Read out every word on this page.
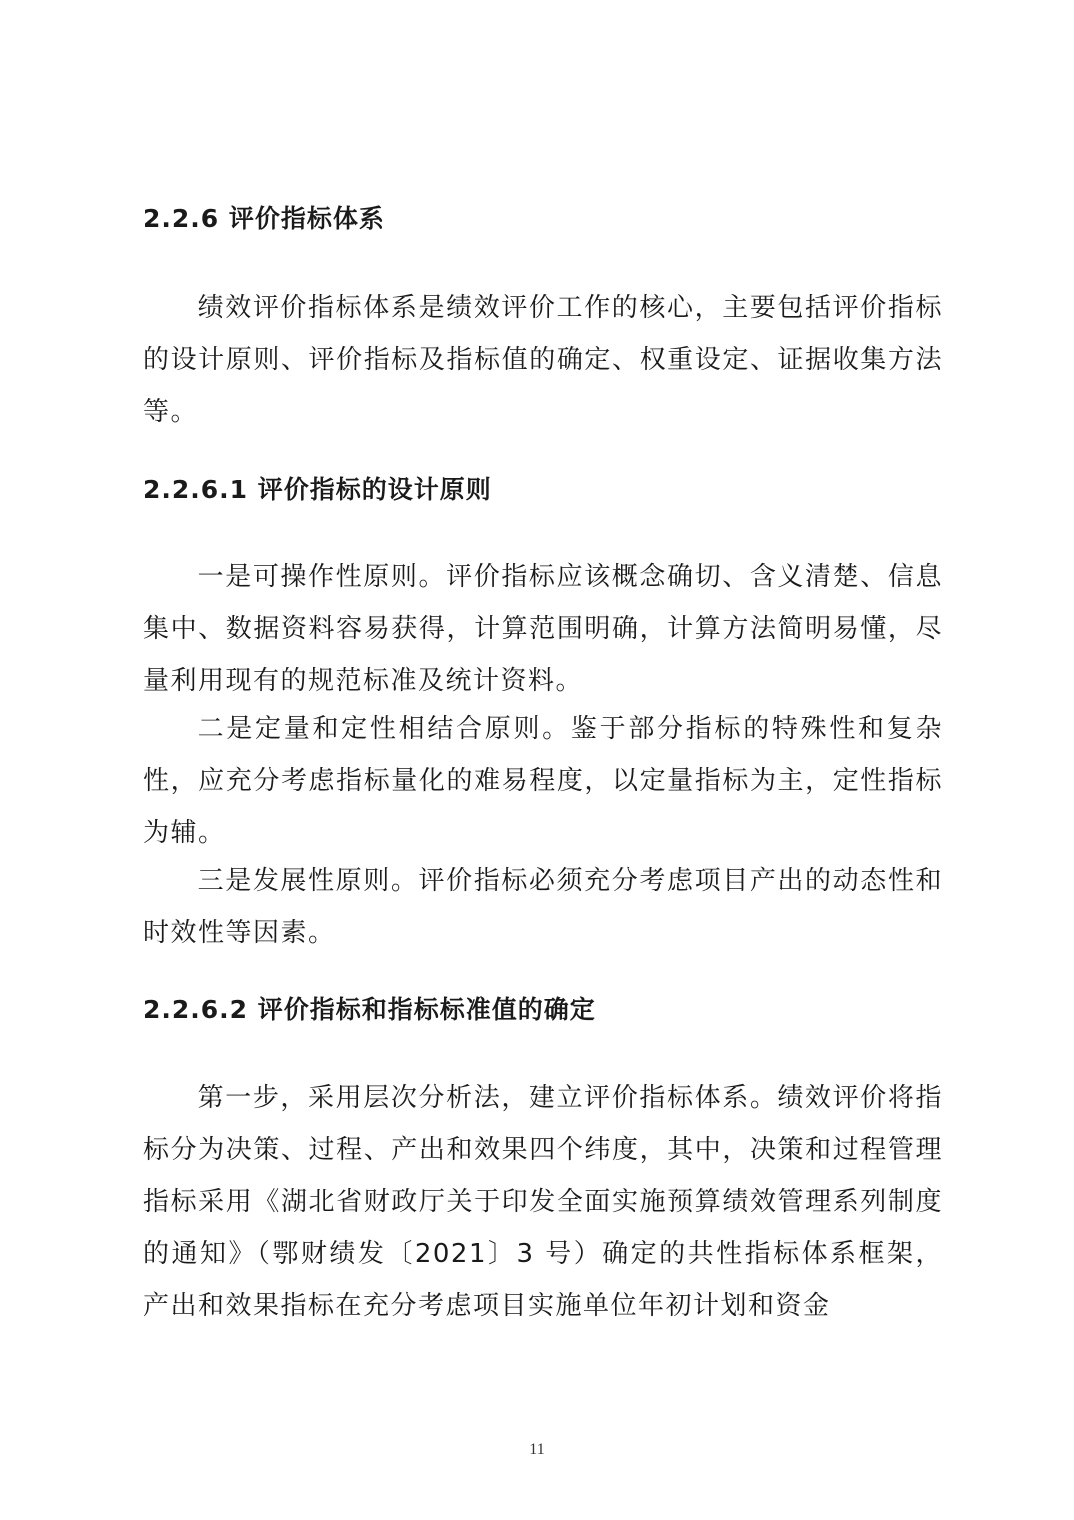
2.2.6 评价指标体系
绩效评价指标体系是绩效评价工作的核心，主要包括评价指标的设计原则、评价指标及指标值的确定、权重设定、证据收集方法等。
2.2.6.1 评价指标的设计原则
一是可操作性原则。评价指标应该概念确切、含义清楚、信息集中、数据资料容易获得，计算范围明确，计算方法简明易懂，尽量利用现有的规范标准及统计资料。
二是定量和定性相结合原则。鉴于部分指标的特殊性和复杂性，应充分考虑指标量化的难易程度，以定量指标为主，定性指标为辅。
三是发展性原则。评价指标必须充分考虑项目产出的动态性和时效性等因素。
2.2.6.2 评价指标和指标标准值的确定
第一步，采用层次分析法，建立评价指标体系。绩效评价将指标分为决策、过程、产出和效果四个纬度，其中，决策和过程管理指标采用《湖北省财政厅关于印发全面实施预算绩效管理系列制度的通知》（鄂财绩发〔2021〕3 号）确定的共性指标体系框架，产出和效果指标在充分考虑项目实施单位年初计划和资金
11
